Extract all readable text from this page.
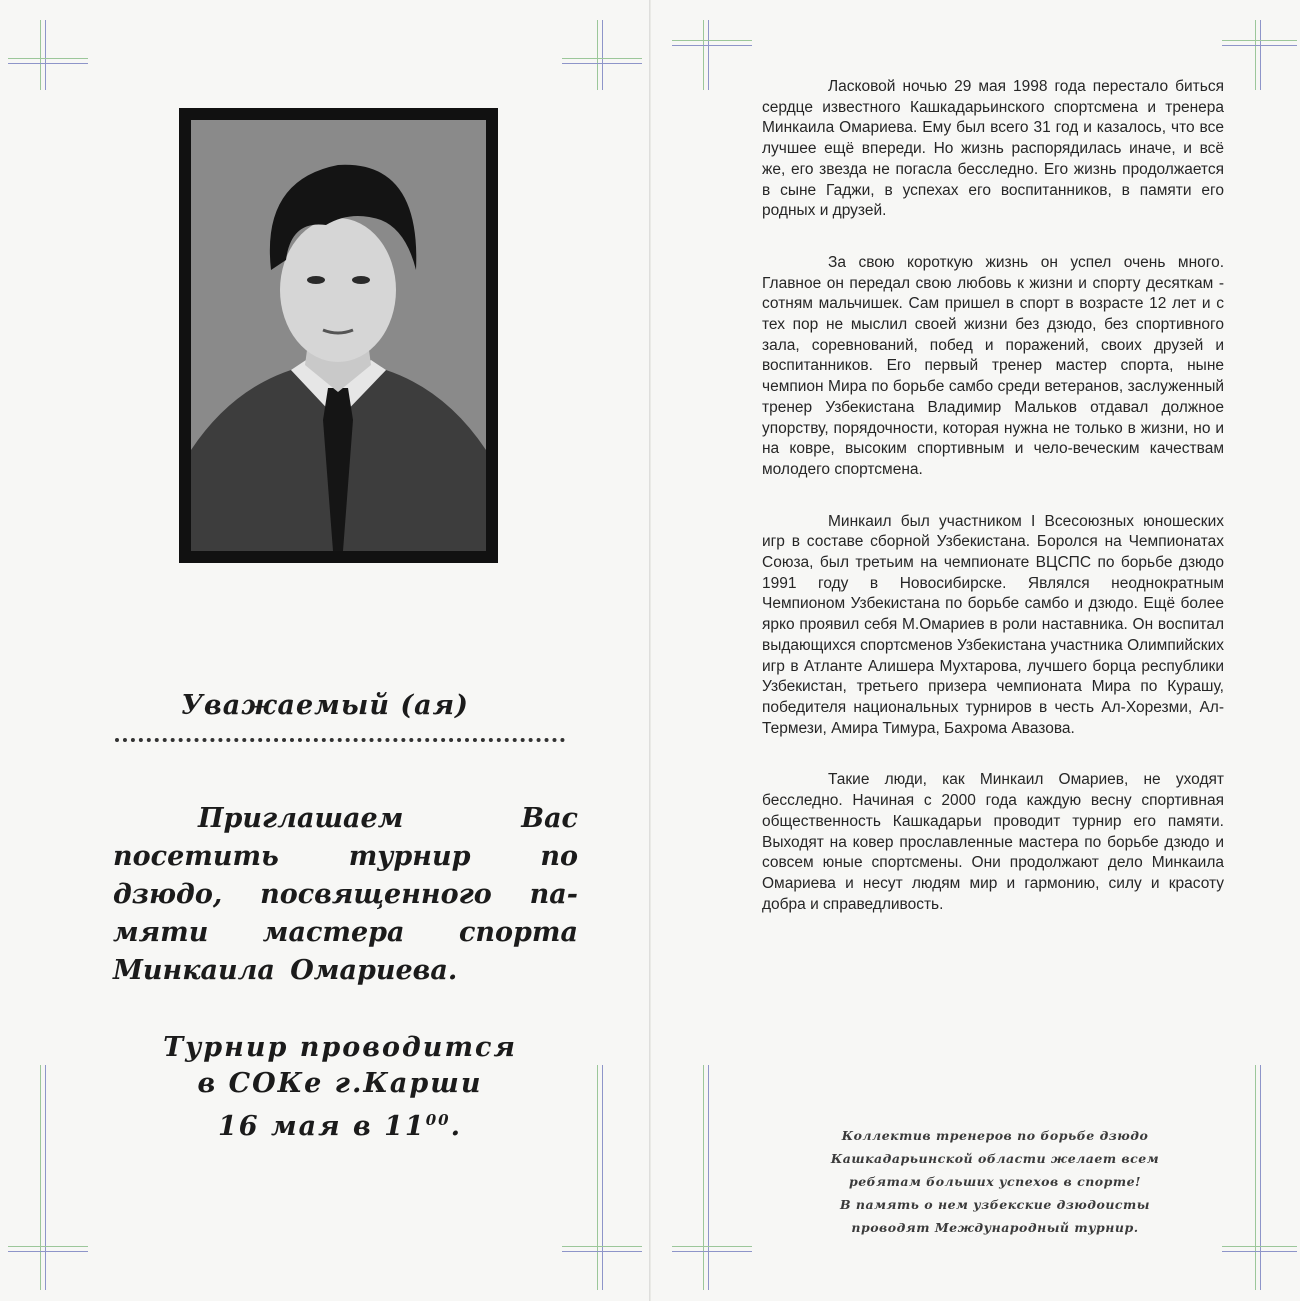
Уважаемый (ая)
Приглашаем Вас
посетить турнир по
дзюдо, посвященного па-
мяти мастера спорта

Минкаила Омариева.
Турнир проводится
в СОКе г.Карши
16 мая в $11^{00}$.

Ласковой ночью 29 мая 1998 года перестало биться сердце известного Кашкадарьинского спортсмена и тренера Минкаила Омариева. Ему был всего 31 год и казалось, что все лучшее ещё впереди. Но жизнь распорядилась иначе, и всё же, его звезда не погасла бесследно. Его жизнь продолжается в сыне Гаджи, в успехах его воспитанников, в памяти его родных и друзей.

За свою короткую жизнь он успел очень много. Главное он передал свою любовь к жизни и спорту десяткам - сотням мальчишек. Сам пришел в спорт в возрасте 12 лет и с тех пор не мыслил своей жизни без дзюдо, без спортивного зала, соревнований, побед и поражений, своих друзей и воспитанников. Его первый тренер мастер спорта, ныне чемпион Мира по борьбе самбо среди ветеранов, заслуженный тренер Узбекистана Владимир Мальков отдавал должное упорству, порядочности, которая нужна не только в жизни, но и на ковре, высоким спортивным и чело-веческим качествам молодего спортсмена.

Минкаил был участником I Всесоюзных юношеских игр в составе сборной Узбекистана. Боролся на Чемпионатах Союза, был третьим на чемпионате ВЦСПС по борьбе дзюдо 1991 году в Новосибирске. Являлся неоднократным Чемпионом Узбекистана по борьбе самбо и дзюдо. Ещё более ярко проявил себя М.Омариев в роли наставника. Он воспитал выдающихся спортсменов Узбекистана участника Олимпийских игр в Атланте Алишера Мухтарова, лучшего борца республики Узбекистан, третьего призера чемпионата Мира по Курашу, победителя национальных турниров в честь Ал-Хорезми, Ал-Термези, Амира Тимура, Бахрома Авазова.

Такие люди, как Минкаил Омариев, не уходят бесследно. Начиная с 2000 года каждую весну спортивная общественность Кашкадарьи проводит турнир его памяти. Выходят на ковер прославленные мастера по борьбе дзюдо и совсем юные спортсмены. Они продолжают дело Минкаила Омариева и несут людям мир и гармонию, силу и красоту добра и справедливость.

Коллектив тренеров по борьбе дзюдо
Кашкадарьинской области желает всем
ребятам больших успехов в спорте!
В память о нем узбекские дзюдоисты
проводят Международный турнир.
